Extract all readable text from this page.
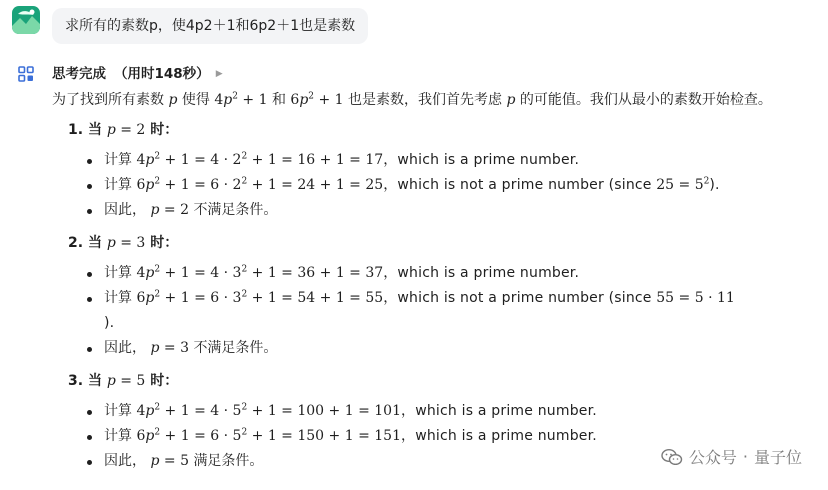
求所有的素数p，使4p2＋1和6p2＋1也是素数
思考完成 （用时148秒） ▶

为了找到所有素数 p 使得 $4p^2 + 1$ 和 $6p^2 + 1$ 也是素数，我们首先考虑 p 的可能值。我们从最小的素数开始检查。

1. 当 p = 2 时：
计算 $4p^2 + 1 = 4 \cdot 2^2 + 1 = 16 + 1 = 17$，which is a prime number.
计算 $6p^2 + 1 = 6 \cdot 2^2 + 1 = 24 + 1 = 25$，which is not a prime number (since $25 = 5^2$).
因此， p = 2 不满足条件。
2. 当 p = 3 时：
计算 $4p^2 + 1 = 4 \cdot 3^2 + 1 = 36 + 1 = 37$，which is a prime number.
计算 $6p^2 + 1 = 6 \cdot 3^2 + 1 = 54 + 1 = 55$，which is not a prime number (since 55 = 5 · 11
).
因此， p = 3 不满足条件。
3. 当 p = 5 时：
计算 $4p^2 + 1 = 4 \cdot 5^2 + 1 = 100 + 1 = 101$，which is a prime number.
计算 $6p^2 + 1 = 6 \cdot 5^2 + 1 = 150 + 1 = 151$，which is a prime number.
因此， p = 5 满足条件。	公众号 · 量子位
